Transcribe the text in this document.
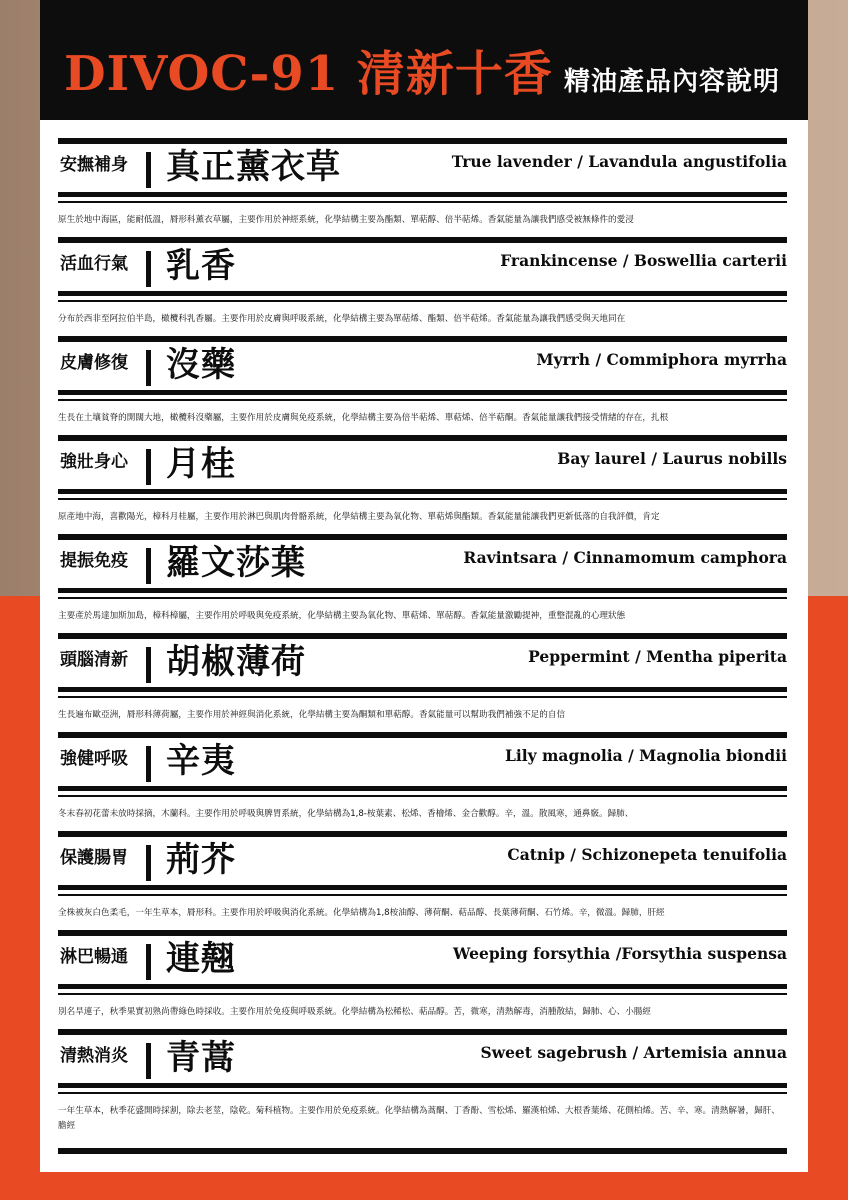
DIVOC-91 清新十香 精油產品內容說明
安撫補身 真正薰衣草	True lavender / Lavandula angustifolia
原生於地中海區，能耐低溫，脣形科薰衣草屬，主要作用於神經系統，化學結構主要為酯類、單萜醇、倍半萜烯。香氣能量為讓我們感受被無條件的愛浸
活血行氣 乳香	Frankincense / Boswellia carterii
分布於西非至阿拉伯半島，橄欖科乳香屬。主要作用於皮膚與呼吸系統，化學結構主要為單萜烯、酯類、倍半萜烯。香氣能量為讓我們感受與天地同在
皮膚修復 沒藥	Myrrh / Commiphora myrrha
生長在土壤貧脊的開闊大地，橄欖科沒藥屬，主要作用於皮膚與免疫系統，化學結構主要為倍半萜烯、單萜烯、倍半萜酮。香氣能量讓我們接受情緒的存在，扎根
強壯身心 月桂	Bay laurel / Laurus nobills
原產地中海，喜歡陽光，樟科月桂屬，主要作用於淋巴與肌肉骨骼系統，化學結構主要為氧化物、單萜烯與酯類。香氣能量能讓我們更新低落的自我評價，肯定
提振免疫 羅文莎葉	Ravintsara / Cinnamomum camphora
主要產於馬達加斯加島，樟科樟屬，主要作用於呼吸與免疫系統，化學結構主要為氧化物、單萜烯、單萜醇。香氣能量激勵提神，重整混亂的心理狀態
頭腦清新 胡椒薄荷	Peppermint / Mentha piperita
生長遍布歐亞洲，脣形科薄荷屬，主要作用於神經與消化系統，化學結構主要為酮類和單萜醇。香氣能量可以幫助我們補強不足的自信
強健呼吸 辛夷	Lily magnolia / Magnolia biondii
冬末春初花蕾未放時採摘，木蘭科。主要作用於呼吸與脾胃系統，化學結構為1,8-桉葉素、松烯、香檜烯、金合歡醇。辛，溫。散風寒，通鼻竅。歸肺、
保護腸胃 荊芥	Catnip / Schizonepeta tenuifolia
全株被灰白色柔毛，一年生草本，脣形科。主要作用於呼吸與消化系統。化學結構為1,8桉油醇、薄荷酮、萜品醇、長葉薄荷酮、石竹烯。辛，微溫。歸肺，肝經
淋巴暢通 連翹	Weeping forsythia /Forsythia suspensa
別名旱連子，秋季果實初熟尚帶綠色時採收。主要作用於免疫與呼吸系統。化學結構為松稀松、萜品醇。苦，微寒，清熱解毒，消腫散結，歸肺、心、小腸經
清熱消炎 青蒿	Sweet sagebrush / Artemisia annua
一年生草本，秋季花盛開時採割，除去老莖，陰乾。菊科植物。主要作用於免疫系統。化學結構為蒿酮、丁香酚、雪松烯、羅漢柏烯、大根香葉烯、花側柏烯。苦、辛、寒。清熱解暑，歸肝、膽經
